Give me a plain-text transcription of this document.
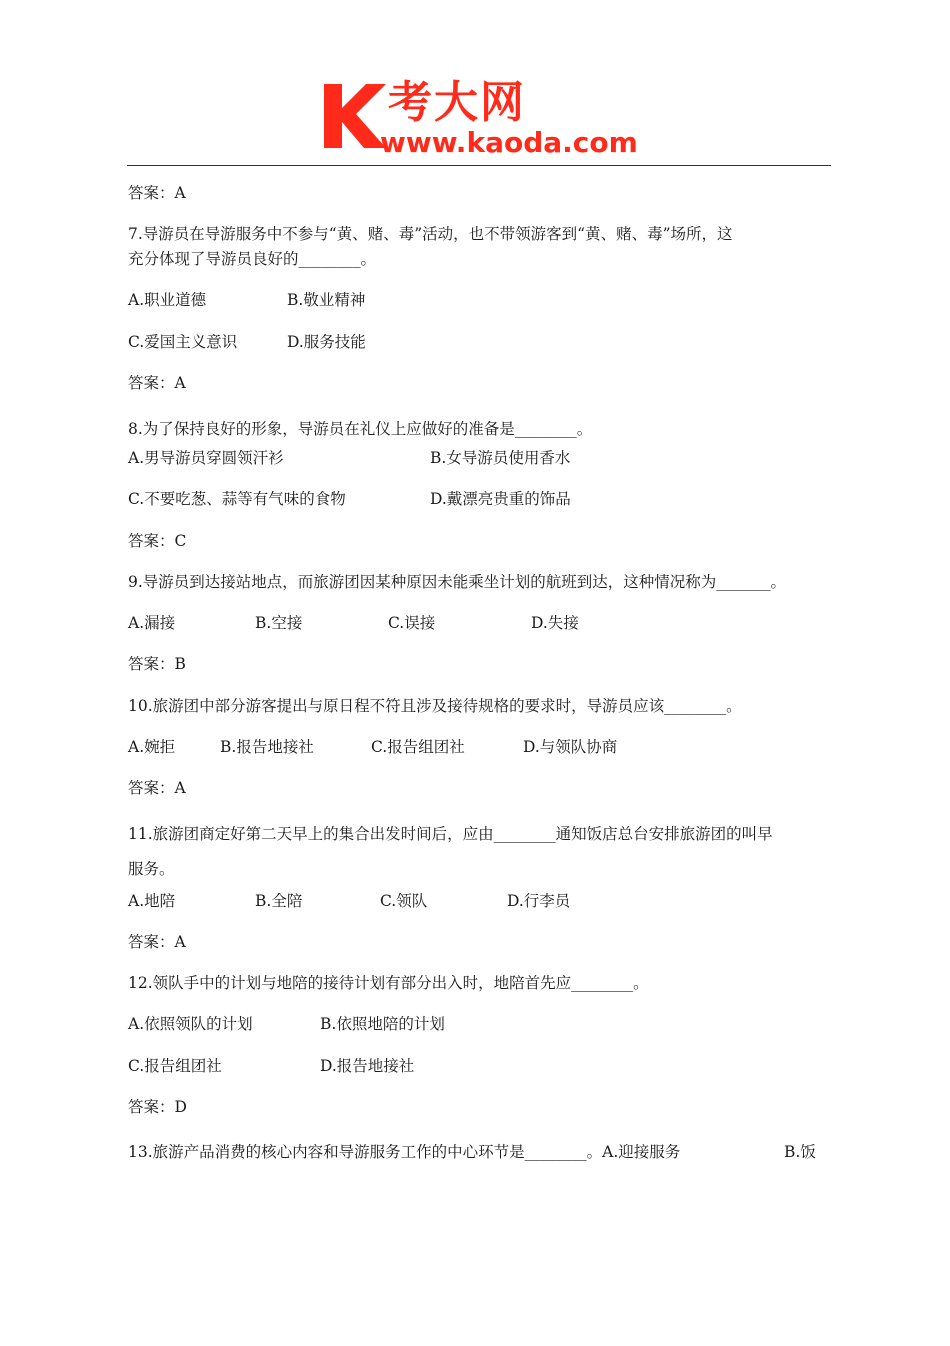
考大网
www.kaoda.com
答案：A
7.导游员在导游服务中不参与“黄、赌、毒”活动，也不带领游客到“黄、赌、毒”场所，这
充分体现了导游员良好的________。
A.职业道德	B.敬业精神
C.爱国主义意识	D.服务技能
答案：A
8.为了保持良好的形象，导游员在礼仪上应做好的准备是________。
A.男导游员穿圆领汗衫	B.女导游员使用香水
C.不要吃葱、蒜等有气味的食物	D.戴漂亮贵重的饰品
答案：C
9.导游员到达接站地点，而旅游团因某种原因未能乘坐计划的航班到达，这种情况称为_______。
A.漏接	B.空接	C.误接	D.失接
答案：B
10.旅游团中部分游客提出与原日程不符且涉及接待规格的要求时，导游员应该________。
A.婉拒	B.报告地接社	C.报告组团社	D.与领队协商
答案：A
11.旅游团商定好第二天早上的集合出发时间后，应由________通知饭店总台安排旅游团的叫早
服务。
A.地陪	B.全陪	C.领队	D.行李员
答案：A
12.领队手中的计划与地陪的接待计划有部分出入时，地陪首先应________。
A.依照领队的计划	B.依照地陪的计划
C.报告组团社	D.报告地接社
答案：D
13.旅游产品消费的核心内容和导游服务工作的中心环节是________。A.迎接服务	B.饭
